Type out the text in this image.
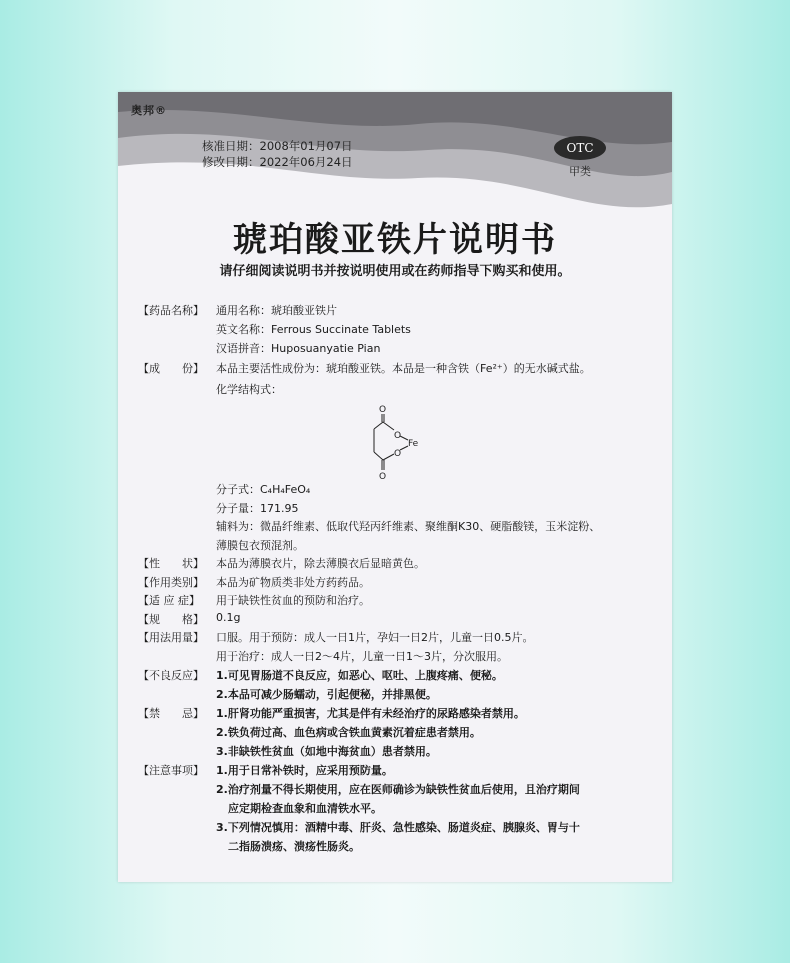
奥邦®
核准日期：2008年01月07日
修改日期：2022年06月24日
OTC
甲类
琥珀酸亚铁片说明书
请仔细阅读说明书并按说明使用或在药师指导下购买和使用。
【药品名称】	通用名称：琥珀酸亚铁片
英文名称：Ferrous Succinate Tablets
汉语拼音：Huposuanyatie Pian
【成　　份】	本品主要活性成份为：琥珀酸亚铁。本品是一种含铁（Fe²⁺）的无水碱式盐。
化学结构式：
O
O
Fe
O
O
分子式：C₄H₄FeO₄
分子量：171.95
辅料为：微晶纤维素、低取代羟丙纤维素、聚维酮K30、硬脂酸镁，玉米淀粉、
薄膜包衣预混剂。
【性　　状】	本品为薄膜衣片，除去薄膜衣后显暗黄色。
【作用类别】	本品为矿物质类非处方药药品。
【适 应 症】	用于缺铁性贫血的预防和治疗。
【规　　格】	0.1g
【用法用量】	口服。用于预防：成人一日1片，孕妇一日2片，儿童一日0.5片。
用于治疗：成人一日2～4片，儿童一日1～3片，分次服用。
【不良反应】	1.可见胃肠道不良反应，如恶心、呕吐、上腹疼痛、便秘。
2.本品可减少肠蠕动，引起便秘，并排黑便。
【禁　　忌】	1.肝肾功能严重损害，尤其是伴有未经治疗的尿路感染者禁用。
2.铁负荷过高、血色病或含铁血黄素沉着症患者禁用。
3.非缺铁性贫血（如地中海贫血）患者禁用。
【注意事项】	1.用于日常补铁时，应采用预防量。
2.治疗剂量不得长期使用，应在医师确诊为缺铁性贫血后使用，且治疗期间
应定期检查血象和血清铁水平。
3.下列情况慎用：酒精中毒、肝炎、急性感染、肠道炎症、胰腺炎、胃与十
二指肠溃疡、溃疡性肠炎。
